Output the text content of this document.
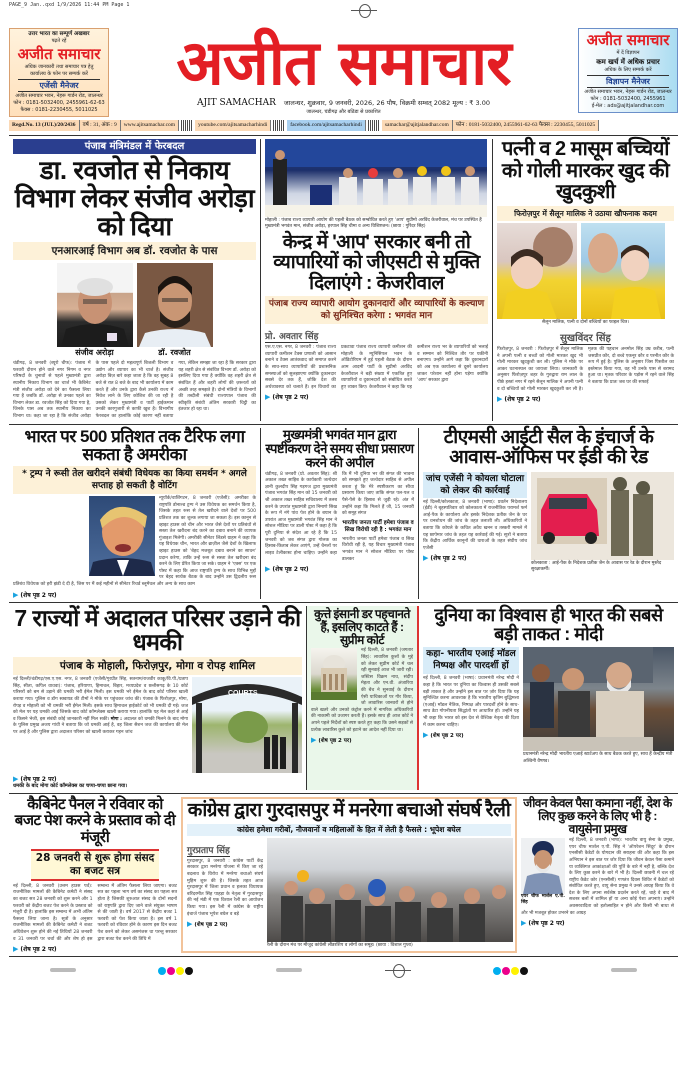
PAGE_9 Jan..qxd 1/9/2026 11:44 PM Page 1
उत्तर भारत का सम्पूर्ण अखबार
पढ़ते रहें
अजीत समाचार
अधिक जानकारी तथा समाचार पत्र हेतु
कार्यालय के फोन पर सम्पर्क करें
एजेंसी मैनेजर
अजीत समाचार भवन, नेहरू गार्डन रोड, जालन्धर
फोन : 0181-5032400, 2455961-62-63
फैक्स : 0181-2230455, 5011025
अजीत समाचार
AJIT SAMACHAR जालन्धर, शुक्रवार, 9 जनवरी, 2026, 26 पौष, विक्रमी सम्वत् 2082 मूल्य : ₹ 3.00
जालन्धर, चंडीगढ़ और बठिंडा से प्रकाशित
अजीत समाचार
में दें विज्ञापन
कम खर्च में अधिक प्रचार
अधिक के लिए सम्पर्क करें
विज्ञापन मैनेजर
अजीत समाचार भवन, नेहरू गार्डन रोड, जालन्धर
फोन : 0181-5032400, 2455961
ई-मेल : ads@ajitjalandhar.com
Regd.No. 13 (JUL)/20/2436	वर्ष : 31, अंक : 9	www.ajitsamachar.com	youtube.com/ajitsamacharhindi	facebook.com/ajitsamacharhindi	samachar@ajitjalandhar.com	फोन : 0181-5032400, 2455961-62-63 फैक्स : 2230455, 5011025
पंजाब मंत्रिमंडल में फेरबदल
डा. रवजोत से निकाय विभाग लेकर संजीव अरोड़ा को दिया
एनआरआई विभाग अब डॉ. रवजोत के पास
संजीव अरोड़ा	डॉ. रवजोत
चंडीगढ़, 8 जनवरी (ब्यूरो चीफ): पंजाब में फरवरी दौरान होने वाले नगर निगम व नगर परिषदों के चुनावों से पहले मुख्यमंत्री द्वारा स्थानीय निकाय विभाग का चार्ज भी कैबिनेट मंत्री संजीव अरोड़ा को देने का फैसला लिया गया है जबकि डॉ. अरोड़ा से उनका पहले का विभाग लेकर डा. रवजोत सिंह को दिया गया है, जिनके पास अब तक स्थानीय निकाय का विभाग था। कहा जा रहा है कि संजीव अरोड़ा के पास पहले दो महत्वपूर्ण बिजली विभाग व उद्योग और व्यापार का भी चार्ज है। संजीव अरोड़ा बिज़ बारे कहा जाता है कि वह सुबह 8 बजे से रात 8 बजे के बाद भी कार्यालय में काम करते हैं और उनके द्वारा कैसे उनकी राज्य में निवेश लाने के लिए कोशिश की जा रही है उसको लेकर मुख्यमंत्री व पार्टी हाईकमान उनकी कारगुजारी से काफी खुश है। विभागीय फेरबदल का हालांकि कोई कारण नहीं बताया गया, लेकिन समझा जा रहा है कि सरकार द्वारा यह शहरी क्षेत्र से संबंधित विभाग डॉ. अरोड़ा को इसलिए दिया गया है क्योंकि वह शहरी क्षेत्र से संबंधित हैं और शहरी लोगों की ज़रूरतों को अच्छी तरह समझते हैं। दोनों मंत्रियों के विभागों की तब्दीली संबंधी राज्यपाल पंजाब की स्वीकृति संबंधी अंतिम सरकारी चिट्ठी का इंतजार हो रहा था।
मोहाली : पंजाब राज्य व्यापारी आयोग की पहली बैठक को सम्बोधित करते हुए 'आप' सुप्रीमो अरविंद केजरीवाल, मंच पर उपस्थित हैं मुख्यमंत्री भगवंत मान, संजीव अरोड़ा, हरपाल सिंह चीमा व अन्य विशिष्टजन। (छाया : गुरिंदर सिंह)
केन्द्र में 'आप' सरकार बनी तो व्यापारियों को जीएसटी से मुक्ति दिलाएंगे : केजरीवाल
पंजाब राज्य व्यापारी आयोग दुकानदारों और व्यापारियों के कल्याण को सुनिश्चित करेगा : भगवंत मान
प्रो. अवतार सिंह
एस.ए.एस. नगर, 8 जनवरी : पंजाब राज्य व्यापारी कमीशन टैक्स प्रणाली को आसान बनाने व टैक्स आतंकवाद को समाप्त करने के साथ-साथ व्यापारियों की प्रशासनिक समस्याओं को सुलझाएगा क्योंकि दुकानदार सबसे देर तक हैं, जोकि देश की अर्थव्यवस्था को चलाते हैं। इन विचारों का प्रकटावा पंजाब राज्य व्यापारी कमीशन की मोहाली के म्युनिसिपल भवन के ऑडिटोरियम में हुई पहली बैठक के दौरान आम आदमी पार्टी के सुप्रीमो अरविंद केजरीवाल ने बड़ी संख्या में एकत्रित हुए व्यापारियों व दुकानदारों को संबोधित करते हुए व्यक्त किए। केजरीवाल ने कहा कि यह कमीशन राज्य भर के व्यापारियों को भलाई व सम्मान को निश्चित तौर पर यकीनी बनाएगा। उन्होंने आगे कहा कि दुकानदारों को अब एक कार्यालय से दूसरे कार्यालय जाकर परेशान नहीं होना पड़ेगा क्योंकि 'आप' सरकार द्वारा
▶ (शेष पृष्ठ 2 पर)
पत्नी व 2 मासूम बच्चियों को गोली मारकर खुद की खुदकुशी
फिरोज़पुर में सैलून मालिक ने उठाया खौफनाक कदम
सैलून मालिक, पत्नी व दोनों बच्चियों का फाइल चित्र।
सुखविंदर सिंह
फिरोज़पुर, 8 जनवरी : फिरोज़पुर में सैलून मालिक ने अपनी पत्नी व बच्चों को गोली मारकर खुद भी गोली मारकर खुदकुशी कर ली। पुलिस ने मौके पर आकर घटनास्थल का जायजा लिया। जानकारी के अनुसार फिरोज़पुर शहर के गुरुद्वारा राम लाल के पीछे हस्तां नगर में रहने सैलून मालिक ने अपनी पत्नी व दो बच्चियों को गोली मारकर खुदकुशी कर ली है। मृतक की पहचान अनमोल सिंह उम्र करीब, पत्नी जसप्रीत कौर, दो बच्चे एकनूर कौर व परनीत कौर के रूप में हुई है। पुलिस के अनुसार जिस पिस्तौल का इस्तेमाल किया गया, वह भी उनके पास से बरामद हुआ था। मृतक परिवार के पड़ोस में रहने वाले सिंह ने बताया कि प्रातः जब घर की सफाई
▶ (शेष पृष्ठ 2 पर)
भारत पर 500 प्रतिशत तक टैरिफ लगा सकता है अमरीका
* ट्रम्प ने रूसी तेल खरीदने संबंधी विधेयक का किया समर्थन * अगले सप्ताह हो सकती है वोटिंग
न्यूयॉर्क/वाशिंगटन, 8 जनवरी (एजेंसी): अमरीका के राष्ट्रपति डोनाल्ड ट्रम्प ने उस विधेयक का समर्थन किया है, जिसके तहत रूस से तेल खरीदने वाले देशों पर 500 प्रतिशत तक का शुल्क लगाया जा सकता है। इस कानून से व्हाइट हाउस को चीन और भारत जैसे देशों पर प्रतिबंधों से सस्ता तेल खरीदना बंद करने का दबाव बनाने की व्यापक गुंजाइश मिलेगी। अमरीकी सीनेटर लिंडसे ग्राहम ने कहा कि यह विधेयक चीन, भारत और ब्राज़ील जैसे देशों के खिलाफ व्हाइट हाउस को 'बेहद मजबूत दबाव बनाने का साधन' प्रदान करेगा, ताकि उन्हें रूस से सस्ता तेल खरीदना बंद करने के लिए प्रेरित किया जा सके। ग्राहम ने 'एक्स' पर एक पोस्ट में कहा कि आज राष्ट्रपति ट्रम्प के साथ विभिन्न मुद्दों पर बेहद सार्थक बैठक के बाद उन्होंने उस द्विदलीय रूस प्रतिबंध विधेयक को हरी झंडी दे दी है, जिस पर मैं कई महीनों से सीनेटर रिचर्ड ब्लूमेंथल और अन्य के साथ काम
▶ (शेष पृष्ठ 2 पर)
मुख्यमंत्री भगवंत मान द्वारा स्पष्टीकरण देने समय सीधा प्रसारण करने की अपील
चंडीगढ़, 8 जनवरी (प्रो. अवतार सिंह): श्री अकाल तख्त साहिब के कार्यकारी जत्थेदार ज्ञानी कुलदीप सिंह गड़गज द्वारा मुख्यमंत्री पंजाब भगवंत सिंह मान को 15 जनवरी को श्री अकाल तख्त साहिब सचिवालय में तलब करने के उपरांत मुख्यमंत्री द्वारा निमाणे सिख के रूप में नंगे पांव पेश होने के बयान के उपरांत आज मुख्यमंत्री भगवंत सिंह मान ने सोशल मीडिया पर डाली पोस्ट में कहा है कि पूरी दुनिया से संदेश आ रहे हैं कि 15 जनवरी को जब संगत द्वारा गोलक का हिसाब-किताब लेकर आएंगे, उन्हें चैनलों पर लाइव टेलीकास्ट होना चाहिए। उन्होंने कहा कि मैं भी दुनिया भर की संगत की भावना को समझते हुए जत्थेदार साहिब से अपील करता हूं कि मेरे स्पष्टीकरण का सीधा प्रसारण किया जाए ताकि संगत पल-पल व पैसे-पैसे के हिसाब से जुड़ी रहे। अंत में उन्होंने कहा कि मिलते हैं जी, 15 जनवरी को समूह संगत
भारतीय जनता पार्टी हमेशा पंजाब व सिख विरोधी रही है : भगवंत मान
भारतीय जनता पार्टी हमेशा पंजाब व सिख विरोधी रही है, यह विचार मुख्यमंत्री पंजाब भगवंत मान ने सोशल मीडिया पर पोस्ट डालकर
▶ (शेष पृष्ठ 2 पर)
टीएमसी आईटी सैल के इंचार्ज के आवास-ऑफिस पर ईडी की रेड
जांच एजेंसी ने कोयला घोटाला को लेकर की कार्रवाई
नई दिल्ली/कोलकाता, 8 जनवरी (भाषा): प्रवर्तन निदेशालय (ईडी) ने बृहस्पतिवार को कोलकाता में राजनीतिक परामर्श फर्म आई-पैक के कार्यालय और इसके निदेशक प्रतीक जैन के घर पर धनशोधन की जांच के तहत तलाशी ली। अधिकारियों ने बताया कि कोयले के कथित अवैध खनन व तस्करी मामले में यह छापेमार जांच के तहत यह कार्रवाई की गई। सूत्रों ने बताया कि केंद्रीय आर्थिक कानूनों की धाराओं के तहत संघीय जांच एजेंसी
▶ (शेष पृष्ठ 2 पर)
कोलकाता : आई-पैक के निदेशक प्रतीक जैन के आवास पर रेड के दौरान मुस्तैद सुरक्षाकर्मी।
7 राज्यों में अदालत परिसर उड़ाने की धमकी
पंजाब के मोहाली, फिरोज़पुर, मोगा व रोपड़ शामिल
COURTS
नई दिल्ली/चंडीगढ़/एस.ए.एस. नगर, 8 जनवरी (एजेंसी/गुरप्रीत सिंह, सतनाम/राजवीर काकू/वि.पी./प्रताप सिंह, सीता, कपिल वाधवा): पंजाब, हरियाणा, हिमाचल, बिहार, मध्यप्रदेश व छत्तीसगढ़ के 10 कोर्ट परिसरों को बम से उड़ाने की धमकी भरी ईमेल मिली। इस धमकी भरे ईमेल के बाद कोर्ट परिसर खाली कराया गया। पुलिस व डॉग स्क्वायड की टीमों ने मौके पर पहुंचकर जांच की। पंजाब के फिरोज़पुर, मोगा, रोपड़ व मोहाली को भी धमकी भरी ईमेल मिली। इसके साथ हिमाचल हाईकोर्ट को भी धमकी दी गई। जज को मेल पर यह धमकी आई जिसके बाद कोर्ट कॉम्प्लेक्स खाली कराया गया। हालांकि यह मेल कहां से आई व किसने भेजी, इस संबंधी कोई जानकारी नहीं मिल सकी। मोगा : अदालत को धमकी मिलने के बाद मोगा के पुलिस प्रमुख अजय गांधी ने बताया कि जो धमकी आई है, वह जिला सैशन जज की कार्यालय की मेल पर आई है और पुलिस द्वारा अदालत परिसर को खाली कराकर गहन जांच
▶ (शेष पृष्ठ 2 पर)
धमकी के बाद मोगा कोर्ट कॉम्प्लेक्स का चप्पा-चप्पा छाना गया।
कुत्ते इंसानी डर पहचानते हैं, इसलिए काटते हैं : सुप्रीम कोर्ट
नई दिल्ली, 8 जनवरी (जगतार सिंह): लावारिस कुत्तों के मुद्दे को लेकर सुप्रीम कोर्ट में चल रही सुनवाई आज भी जारी रही। जस्टिस विक्रम नाथ, संदीप मेहता और एन.वी. अंजारिया की बेंच ने सुनवाई के दौरान ऐसी याचिकाओं पर गौर किया, जो लावारिस जानवरों से होने वाले खतरे और उनको कंट्रोल करने में नागरिक अधिकारियों की नाकामी को उजागर करती हैं। इसके साथ ही आज कोर्ट ने अपने पहले निर्देशों को स्पष्ट करते हुए कहा कि उसने सड़कों से प्रत्येक लावारिस कुत्ते को हटाने का आदेश नहीं दिया था।
▶ (शेष पृष्ठ 2 पर)
दुनिया का विश्वास ही भारत की सबसे बड़ी ताकत : मोदी
कहा- भारतीय एआई मॉडल निष्पक्ष और पारदर्शी हों
नई दिल्ली, 8 जनवरी (भाषा): प्रधानमंत्री नरेन्द्र मोदी ने कहा है कि भारत पर दुनिया का विश्वास ही उसकी सबसे बड़ी ताकत है और उन्होंने इस बात पर ज़ोर दिया कि यह सुनिश्चित करना आवश्यक है कि भारतीय कृत्रिम बुद्धिमत्ता (एआई) मॉडल नैतिक, निष्पक्ष और पारदर्शी होने के साथ-साथ डेटा गोपनीयता सिद्धांतों पर आधारित हों। उन्होंने यह भी कहा कि भारत को इस देश से वैश्विक नेतृत्व की दिशा में काम करना चाहिए।
▶ (शेष पृष्ठ 2 पर)
प्रधानमंत्री नरेन्द्र मोदी भारतीय एआई स्टार्टअप के साथ बैठक करते हुए, साथ हैं केन्द्रीय मंत्री अश्विनी वैष्णव।
कैबिनेट पैनल ने रविवार को बजट पेश करने के प्रस्ताव को दी मंजूरी
28 जनवरी से शुरू होगा संसद का बजट सत्र
नई दिल्ली, 8 जनवरी (उत्तम हाउस पर्व): राजनीतिक मामलों की कैबिनेट कमेटी ने संसद का बजट सत्र 28 जनवरी को शुरू करने और 1 फरवरी को केंद्रीय बजट पेश करने के प्रस्ताव को मंजूरी दी है। हालांकि इस सम्बन्ध में अभी अंतिम फैसला लिया जाना है। सूत्रों के अनुसार राजनीतिक मामलों की कैबिनेट कमेटी ने बजट अधिवेशन शुरू होने की नई तिथियों 28 जनवरी व 31 जनवरी पर चर्चा की और शेष हो इस सम्बन्ध में अंतिम फैसला लिया जाएगा। बजट सत्र का पहला भाग वर्ष का संसद का पहला सत्र होता है जिसकी शुरुआत संसद के दोनों सदनों को राष्ट्रपति द्वारा दिए जाने वाले संयुक्त भाषण से की जाती है। वर्ष 2017 से केंद्रीय बजट 1 फरवरी को पेश किया जाता है। इस वर्ष 1 फरवरी को रविवार होने के कारण इस दिन बजट पेश करने को लेकर असमंजस था परन्तु सरकार द्वारा बजट पेश करने की तिथि में
▶ (शेष पृष्ठ 2 पर)
कांग्रेस द्वारा गुरदासपुर में मनरेगा बचाओ संघर्ष रैली
कांग्रेस हमेशा गरीबों, नौजवानों व महिलाओं के हित में लेती है फैसले : भूपेश बघेल
गुरप्रताप सिंह
गुरदासपुर, 8 जनवरी : कांग्रेस पार्टी केंद्र सरकार द्वारा मनरेगा योजना में किए जा रहे बदलाव के विरोध में मनरेगा बचाओ संघर्ष मुहिम शुरू की है। जिसके तहत आज गुरदासपुर में जिला प्रधान व हलका विधायक बरिंदरमीत सिंह पाहड़ा के नेतृत्व में गुरदासपुर की नई मंडी में एक विशाल रैली का आयोजन किया गया। इस रैली में कांग्रेस के राष्ट्रीय इंचार्ज पंजाब भूपेश बघेल व बड़े
▶ (शेष पृष्ठ 2 पर)
रैली के दौरान मंच पर मौजूद कांग्रेसी लीडरशिप व लोगों का समूह। (छाया : विशाल गुप्ता)
जीवन केवल पैसा कमाना नहीं, देश के लिए कुछ करने के लिए भी है : वायुसेना प्रमुख
एयर चीफ मार्शल ए.पी. सिंह
नई दिल्ली, 8 जनवरी (भाषा): भारतीय वायु सेना के प्रमुख, एयर चीफ मार्शल ए.पी. सिंह ने 'ऑपरेशन सिंदूर' के दौरान एनसीसी कैडेटों के योगदान की सराहना की और कहा कि इस अभियान ने इस बात पर जोर दिया कि जीवन केवल पैसा कमाने या व्यक्तिगत आकांक्षाओं की पूर्ति के बारे में नहीं है, बल्कि देश के लिए कुछ करने के बारे में भी है। दिल्ली छावनी में चल रहे राष्ट्रीय कैडेट कोर (एनसीसी) गणतंत्र दिवस शिविर में कैडेटों को संबोधित करते हुए, वायु सेना प्रमुख ने उनसे आग्रह किया कि वे देश के लिए अपना सर्वश्रेष्ठ प्रदर्शन करते रहें, चाहे वे बाद में सशस्त्र बलों में शामिल हों या अन्य कोई पेशा अपनाएं। उन्होंने अवसरवादिता को हतोत्साहित न होने और किसी भी बाधा से और भी मजबूत होकर उभरने का आग्रह
▶ (शेष पृष्ठ 2 पर)
